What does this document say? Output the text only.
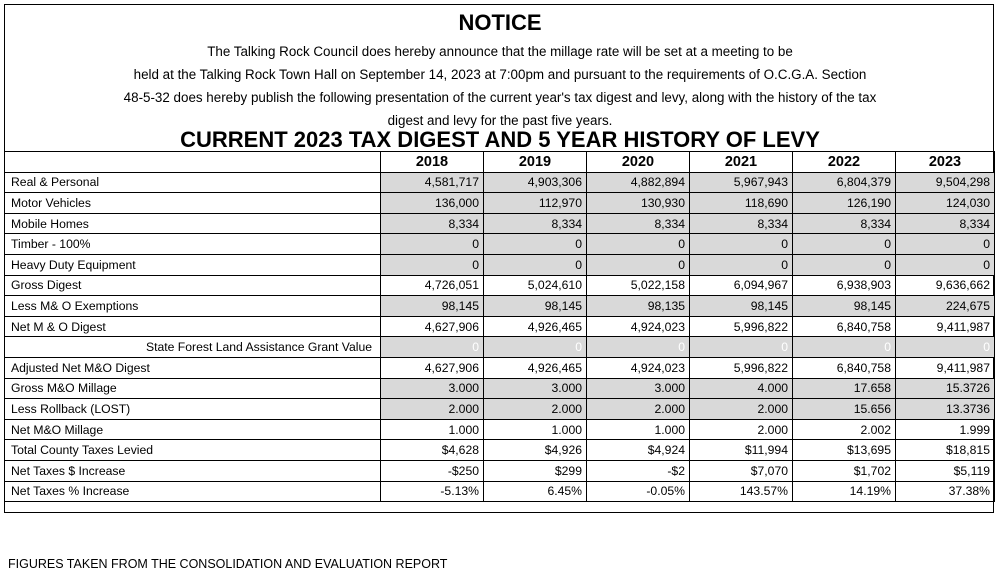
NOTICE
The Talking Rock Council does hereby announce that the millage rate will be set at a meeting to be
held at the Talking Rock Town Hall on September 14, 2023 at 7:00pm and pursuant to the requirements of O.C.G.A. Section
48-5-32 does hereby publish the following presentation of the current year's tax digest and levy, along with the history of the tax
digest and levy for the past five years.
CURRENT 2023 TAX DIGEST AND 5 YEAR HISTORY OF LEVY
	2018	2019	2020	2021	2022	2023
Real & Personal	4,581,717	4,903,306	4,882,894	5,967,943	6,804,379	9,504,298
Motor Vehicles	136,000	112,970	130,930	118,690	126,190	124,030
Mobile Homes	8,334	8,334	8,334	8,334	8,334	8,334
Timber - 100%	0	0	0	0	0	0
Heavy Duty Equipment	0	0	0	0	0	0
Gross Digest	4,726,051	5,024,610	5,022,158	6,094,967	6,938,903	9,636,662
Less M& O Exemptions	98,145	98,145	98,135	98,145	98,145	224,675
Net M & O Digest	4,627,906	4,926,465	4,924,023	5,996,822	6,840,758	9,411,987
State Forest Land Assistance Grant Value	0	0	0	0	0	0
Adjusted Net M&O Digest	4,627,906	4,926,465	4,924,023	5,996,822	6,840,758	9,411,987
Gross M&O Millage	3.000	3.000	3.000	4.000	17.658	15.3726
Less Rollback (LOST)	2.000	2.000	2.000	2.000	15.656	13.3736
Net M&O Millage	1.000	1.000	1.000	2.000	2.002	1.999
Total County Taxes Levied	$4,628	$4,926	$4,924	$11,994	$13,695	$18,815
Net Taxes $ Increase	-$250	$299	-$2	$7,070	$1,702	$5,119
Net Taxes % Increase	-5.13%	6.45%	-0.05%	143.57%	14.19%	37.38%
FIGURES TAKEN FROM THE CONSOLIDATION AND EVALUATION REPORT
